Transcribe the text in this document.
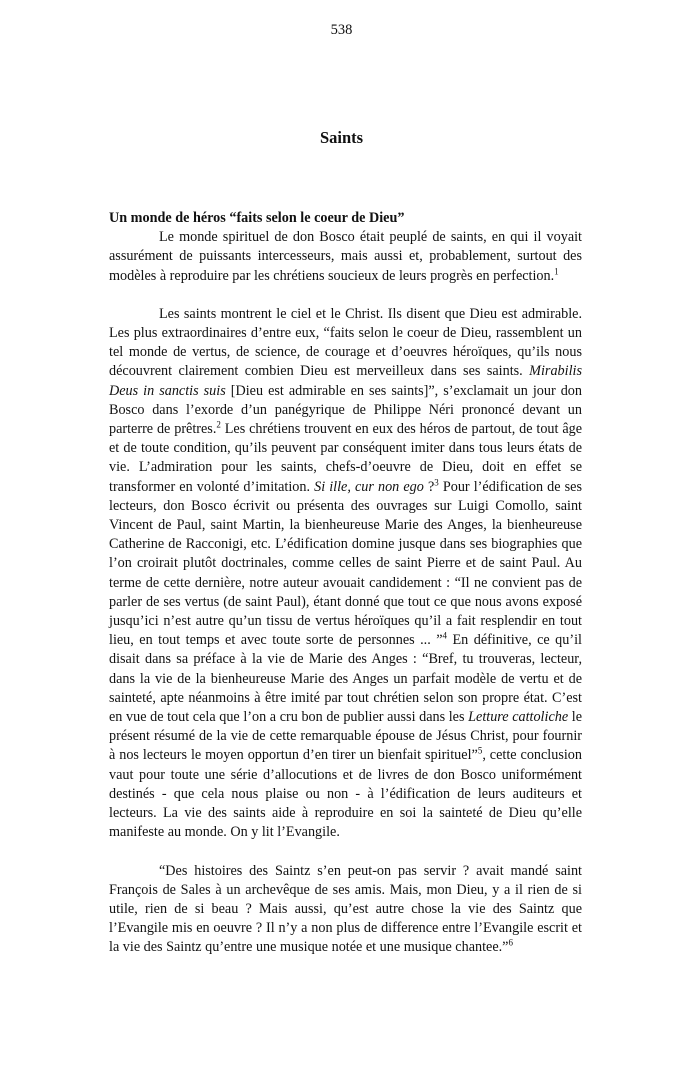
538
Saints

Un monde de héros “faits selon le coeur de Dieu”

Le monde spirituel de don Bosco était peuplé de saints, en qui il voyait assurément de puissants intercesseurs, mais aussi et, probablement, surtout des modèles à reproduire par les chrétiens soucieux de leurs progrès en perfection.$^1$

Les saints montrent le ciel et le Christ. Ils disent que Dieu est admirable. Les plus extraordinaires d’entre eux, “faits selon le coeur de Dieu, rassemblent un tel monde de vertus, de science, de courage et d’oeuvres héroïques, qu’ils nous découvrent clairement combien Dieu est merveilleux dans ses saints. Mirabilis Deus in sanctis suis [Dieu est admirable en ses saints]”, s’exclamait un jour don Bosco dans l’exorde d’un panégyrique de Philippe Néri prononcé devant un parterre de prêtres.$^2$ Les chrétiens trouvent en eux des héros de partout, de tout âge et de toute condition, qu’ils peuvent par conséquent imiter dans tous leurs états de vie. L’admiration pour les saints, chefs-d’oeuvre de Dieu, doit en effet se transformer en volonté d’imitation. Si ille, cur non ego ?$^3$ Pour l’édification de ses lecteurs, don Bosco écrivit ou présenta des ouvrages sur Luigi Comollo, saint Vincent de Paul, saint Martin, la bienheureuse Marie des Anges, la bienheureuse Catherine de Racconigi, etc. L’édification domine jusque dans ses biographies que l’on croirait plutôt doctrinales, comme celles de saint Pierre et de saint Paul. Au terme de cette dernière, notre auteur avouait candidement : “Il ne convient pas de parler de ses vertus (de saint Paul), étant donné que tout ce que nous avons exposé jusqu’ici n’est autre qu’un tissu de vertus héroïques qu’il a fait resplendir en tout lieu, en tout temps et avec toute sorte de personnes ... ”$^4$ En définitive, ce qu’il disait dans sa préface à la vie de Marie des Anges : “Bref, tu trouveras, lecteur, dans la vie de la bienheureuse Marie des Anges un parfait modèle de vertu et de sainteté, apte néanmoins à être imité par tout chrétien selon son propre état. C’est en vue de tout cela que l’on a cru bon de publier aussi dans les Letture cattoliche le présent résumé de la vie de cette remarquable épouse de Jésus Christ, pour fournir à nos lecteurs le moyen opportun d’en tirer un bienfait spirituel”$^5$, cette conclusion vaut pour toute une série d’allocutions et de livres de don Bosco uniformément destinés - que cela nous plaise ou non - à l’édification de leurs auditeurs et lecteurs. La vie des saints aide à reproduire en soi la sainteté de Dieu qu’elle manifeste au monde. On y lit l’Evangile.

“Des histoires des Saintz s’en peut-on pas servir ? avait mandé saint François de Sales à un archevêque de ses amis. Mais, mon Dieu, y a il rien de si utile, rien de si beau ? Mais aussi, qu’est autre chose la vie des Saintz que l’Evangile mis en oeuvre ? Il n’y a non plus de difference entre l’Evangile escrit et la vie des Saintz qu’entre une musique notée et une musique chantee.”$^6$
